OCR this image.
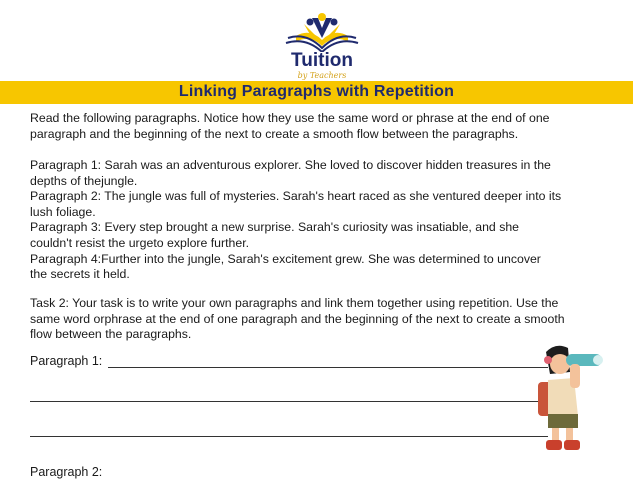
Tuition
by Teachers
Linking Paragraphs with Repetition
Read the following paragraphs. Notice how they use the same word or phrase at the end of one
paragraph and the beginning of the next to create a smooth flow between the paragraphs.
Paragraph 1: Sarah was an adventurous explorer. She loved to discover hidden treasures in the
depths of thejungle.
Paragraph 2: The jungle was full of mysteries. Sarah's heart raced as she ventured deeper into its
lush foliage.
Paragraph 3: Every step brought a new surprise. Sarah's curiosity was insatiable, and she
couldn't resist the urgeto explore further.
Paragraph 4:Further into the jungle, Sarah's excitement grew. She was determined to uncover
the secrets it held.
Task 2: Your task is to write your own paragraphs and link them together using repetition. Use the
same word orphrase at the end of one paragraph and the beginning of the next to create a smooth
flow between the paragraphs.
Paragraph 1:
Paragraph 2:
